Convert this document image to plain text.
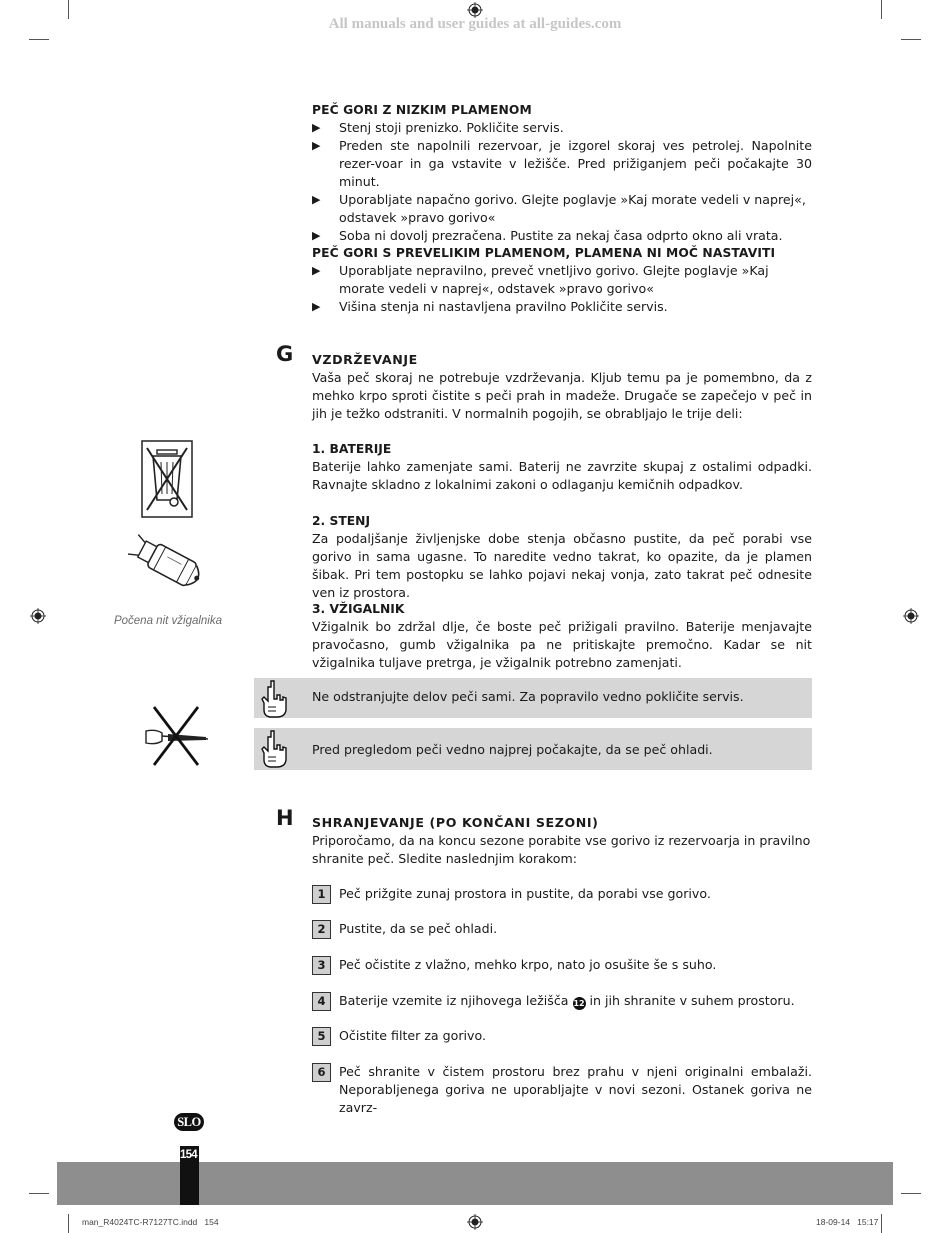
All manuals and user guides at all-guides.com
PEČ GORI Z NIZKIM PLAMENOM
▶ Stenj stoji prenizko. Pokličite servis.
▶ Preden ste napolnili rezervoar, je izgorel skoraj ves petrolej. Napolnite rezer-voar in ga vstavite v ležišče. Pred prižiganjem peči počakajte 30 minut.
▶ Uporabljate napačno gorivo. Glejte poglavje »Kaj morate vedeli v naprej«, odstavek »pravo gorivo«
▶ Soba ni dovolj prezračena. Pustite za nekaj časa odprto okno ali vrata.
PEČ GORI S PREVELIKIM PLAMENOM, PLAMENA NI MOČ NASTAVITI
▶ Uporabljate nepravilno, preveč vnetljivo gorivo. Glejte poglavje »Kaj morate vedeli v naprej«, odstavek »pravo gorivo«
▶ Višina stenja ni nastavljena pravilno Pokličite servis.
G VZDRŽEVANJE

Vaša peč skoraj ne potrebuje vzdrževanja. Kljub temu pa je pomembno, da z mehko krpo sproti čistite s peči prah in madeže. Drugače se zapečejo v peč in jih je težko odstraniti. V normalnih pogojih, se obrabljajo le trije deli:

1. BATERIJE

Baterije lahko zamenjate sami. Baterij ne zavrzite skupaj z ostalimi odpadki. Ravnajte skladno z lokalnimi zakoni o odlaganju kemičnih odpadkov.

2. STENJ

Za podaljšanje življenjske dobe stenja občasno pustite, da peč porabi vse gorivo in sama ugasne. To naredite vedno takrat, ko opazite, da je plamen šibak. Pri tem postopku se lahko pojavi nekaj vonja, zato takrat peč odnesite ven iz prostora.

3. VŽIGALNIK

Vžigalnik bo zdržal dlje, če boste peč prižigali pravilno. Baterije menjavajte pravočasno, gumb vžigalnika pa ne pritiskajte premočno. Kadar se nit vžigalnika tuljave pretrga, je vžigalnik potrebno zamenjati.

Počena nit vžigalnika
Ne odstranjujte delov peči sami. Za popravilo vedno pokličite servis.
Pred pregledom peči vedno najprej počakajte, da se peč ohladi.
H SHRANJEVANJE (PO KONČANI SEZONI)

Priporočamo, da na koncu sezone porabite vse gorivo iz rezervoarja in pravilno shranite peč. Sledite naslednjim korakom:

1	Peč prižgite zunaj prostora in pustite, da porabi vse gorivo.
2	Pustite, da se peč ohladi.
3	Peč očistite z vlažno, mehko krpo, nato jo osušite še s suho.
4	Baterije vzemite iz njihovega ležišča 12 in jih shranite v suhem prostoru.
5	Očistite filter za gorivo.
6	Peč shranite v čistem prostoru brez prahu v njeni originalni embalaži. Neporabljenega goriva ne uporabljajte v novi sezoni. Ostanek goriva ne zavrz-
SLO
154
man_R4024TC-R7127TC.indd   154	18-09-14   15:17
